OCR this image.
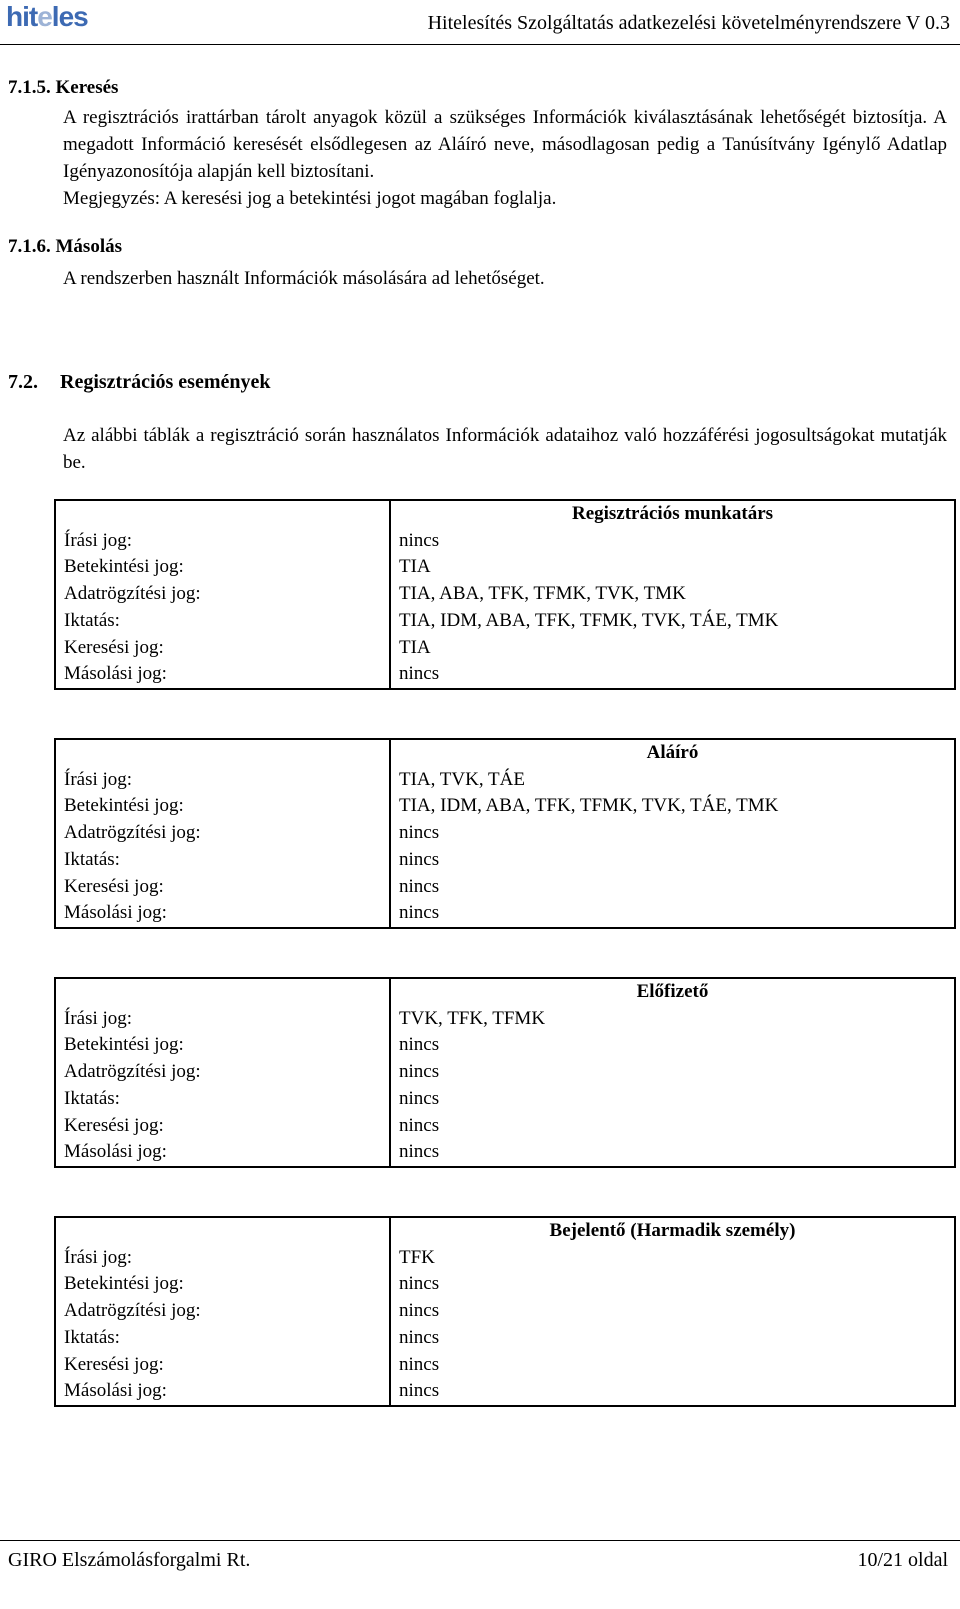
hiteles	Hitelesítés Szolgáltatás adatkezelési követelményrendszere V 0.3
7.1.5. Keresés

A regisztrációs irattárban tárolt anyagok közül a szükséges Információk kiválasztásának lehetőségét biztosítja. A megadott Információ keresését elsődlegesen az Aláíró neve, másodlagosan pedig a Tanúsítvány Igénylő Adatlap Igényazonosítója alapján kell biztosítani.

Megjegyzés: A keresési jog a betekintési jogot magában foglalja.

7.1.6. Másolás

A rendszerben használt Információk másolására ad lehetőséget.

7.2. Regisztrációs események

Az alábbi táblák a regisztráció során használatos Információk adataihoz való hozzáférési jogosultságokat mutatják be.

	Regisztrációs munkatárs
Írási jog:	nincs
Betekintési jog:	TIA
Adatrögzítési jog:	TIA, ABA, TFK, TFMK, TVK, TMK
Iktatás:	TIA, IDM, ABA, TFK, TFMK, TVK, TÁE, TMK
Keresési jog:	TIA
Másolási jog:	nincs
	Aláíró
Írási jog:	TIA, TVK, TÁE
Betekintési jog:	TIA, IDM, ABA, TFK, TFMK, TVK, TÁE, TMK
Adatrögzítési jog:	nincs
Iktatás:	nincs
Keresési jog:	nincs
Másolási jog:	nincs
	Előfizető
Írási jog:	TVK, TFK, TFMK
Betekintési jog:	nincs
Adatrögzítési jog:	nincs
Iktatás:	nincs
Keresési jog:	nincs
Másolási jog:	nincs
	Bejelentő (Harmadik személy)
Írási jog:	TFK
Betekintési jog:	nincs
Adatrögzítési jog:	nincs
Iktatás:	nincs
Keresési jog:	nincs
Másolási jog:	nincs
GIRO Elszámolásforgalmi Rt.	10/21 oldal
